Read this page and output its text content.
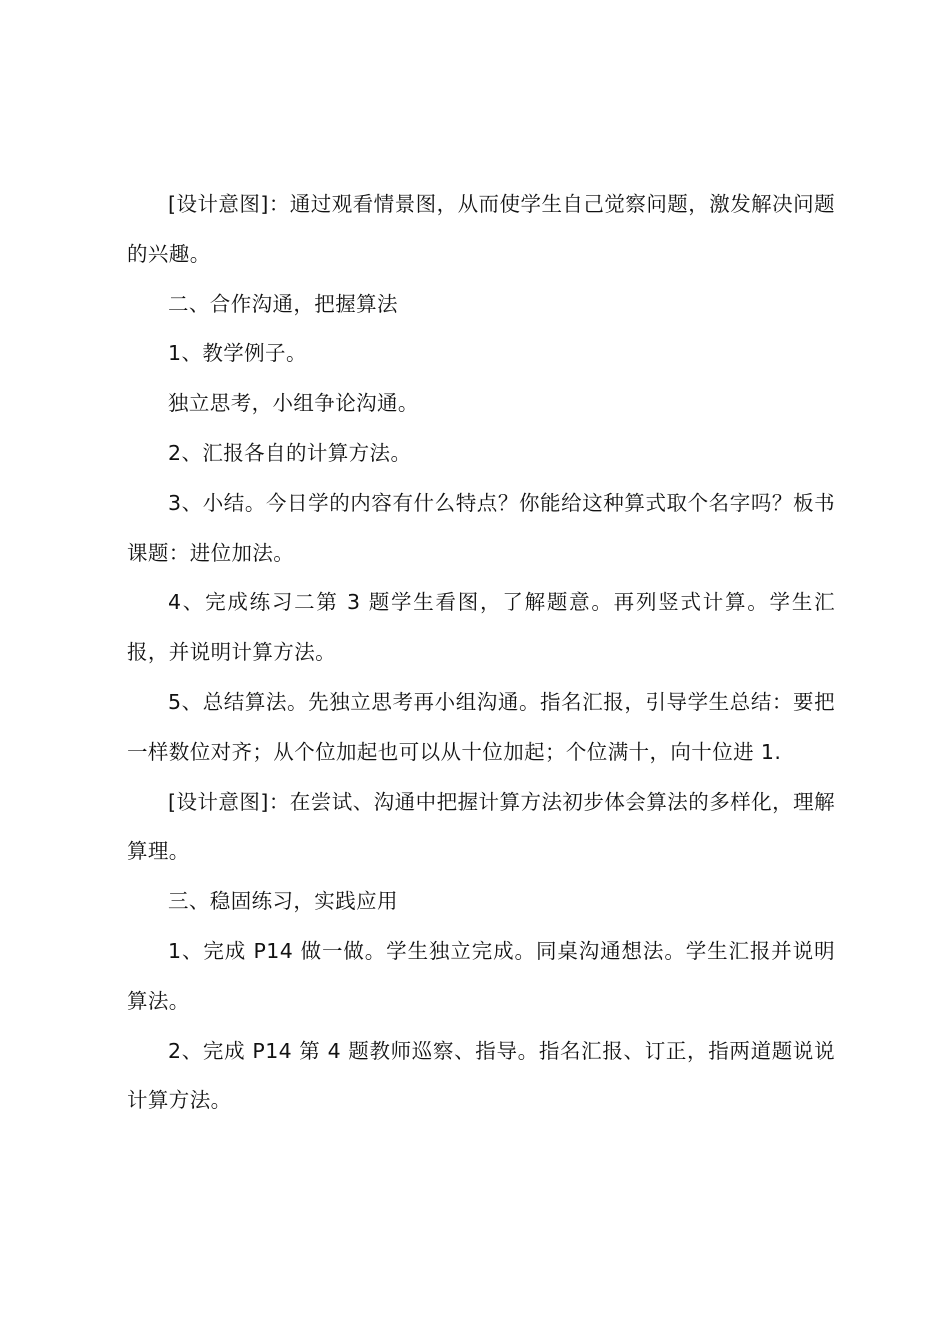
[设计意图]：通过观看情景图，从而使学生自己觉察问题，激发解决问题的兴趣。

二、合作沟通，把握算法

1、教学例子。

独立思考，小组争论沟通。

2、汇报各自的计算方法。

3、小结。今日学的内容有什么特点？你能给这种算式取个名字吗？板书课题：进位加法。

4、完成练习二第 3 题学生看图，了解题意。再列竖式计算。学生汇报，并说明计算方法。

5、总结算法。先独立思考再小组沟通。指名汇报，引导学生总结：要把一样数位对齐；从个位加起也可以从十位加起；个位满十，向十位进 1.

[设计意图]：在尝试、沟通中把握计算方法初步体会算法的多样化，理解算理。

三、稳固练习，实践应用

1、完成 P14 做一做。学生独立完成。同桌沟通想法。学生汇报并说明算法。

2、完成 P14 第 4 题教师巡察、指导。指名汇报、订正，指两道题说说计算方法。
